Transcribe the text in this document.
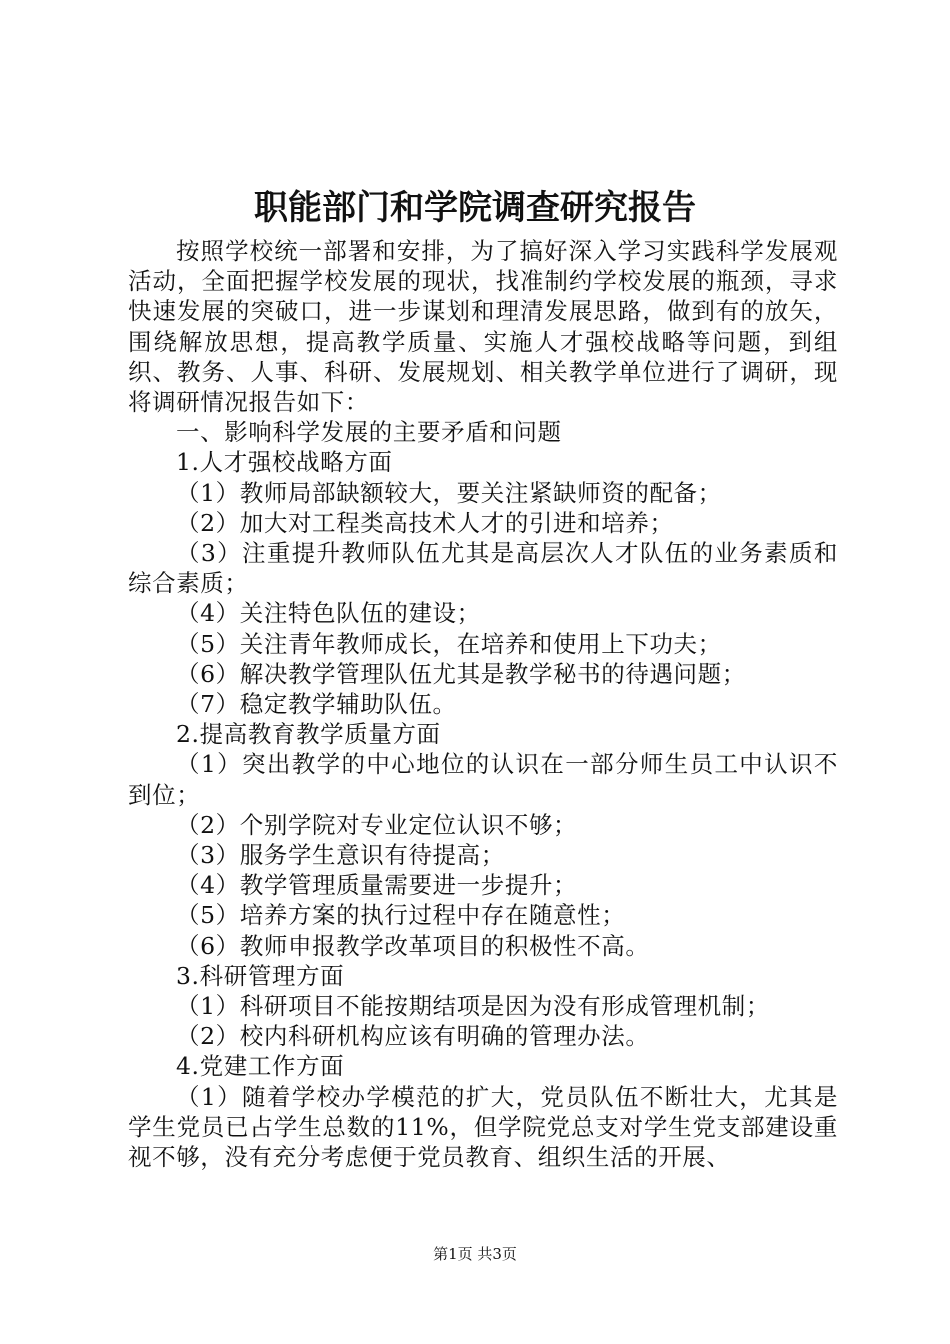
职能部门和学院调查研究报告

按照学校统一部署和安排，为了搞好深入学习实践科学发展观活动，全面把握学校发展的现状，找准制约学校发展的瓶颈，寻求快速发展的突破口，进一步谋划和理清发展思路，做到有的放矢，围绕解放思想，提高教学质量、实施人才强校战略等问题，到组织、教务、人事、科研、发展规划、相关教学单位进行了调研，现将调研情况报告如下：

一、影响科学发展的主要矛盾和问题

1.人才强校战略方面

（1）教师局部缺额较大，要关注紧缺师资的配备；

（2）加大对工程类高技术人才的引进和培养；

（3）注重提升教师队伍尤其是高层次人才队伍的业务素质和综合素质；

（4）关注特色队伍的建设；

（5）关注青年教师成长，在培养和使用上下功夫；

（6）解决教学管理队伍尤其是教学秘书的待遇问题；

（7）稳定教学辅助队伍。

2.提高教育教学质量方面

（1）突出教学的中心地位的认识在一部分师生员工中认识不到位；

（2）个别学院对专业定位认识不够；

（3）服务学生意识有待提高；

（4）教学管理质量需要进一步提升；

（5）培养方案的执行过程中存在随意性；

（6）教师申报教学改革项目的积极性不高。

3.科研管理方面

（1）科研项目不能按期结项是因为没有形成管理机制；

（2）校内科研机构应该有明确的管理办法。

4.党建工作方面

（1）随着学校办学模范的扩大，党员队伍不断壮大，尤其是学生党员已占学生总数的11%，但学院党总支对学生党支部建设重视不够，没有充分考虑便于党员教育、组织生活的开展、

第1页 共3页
